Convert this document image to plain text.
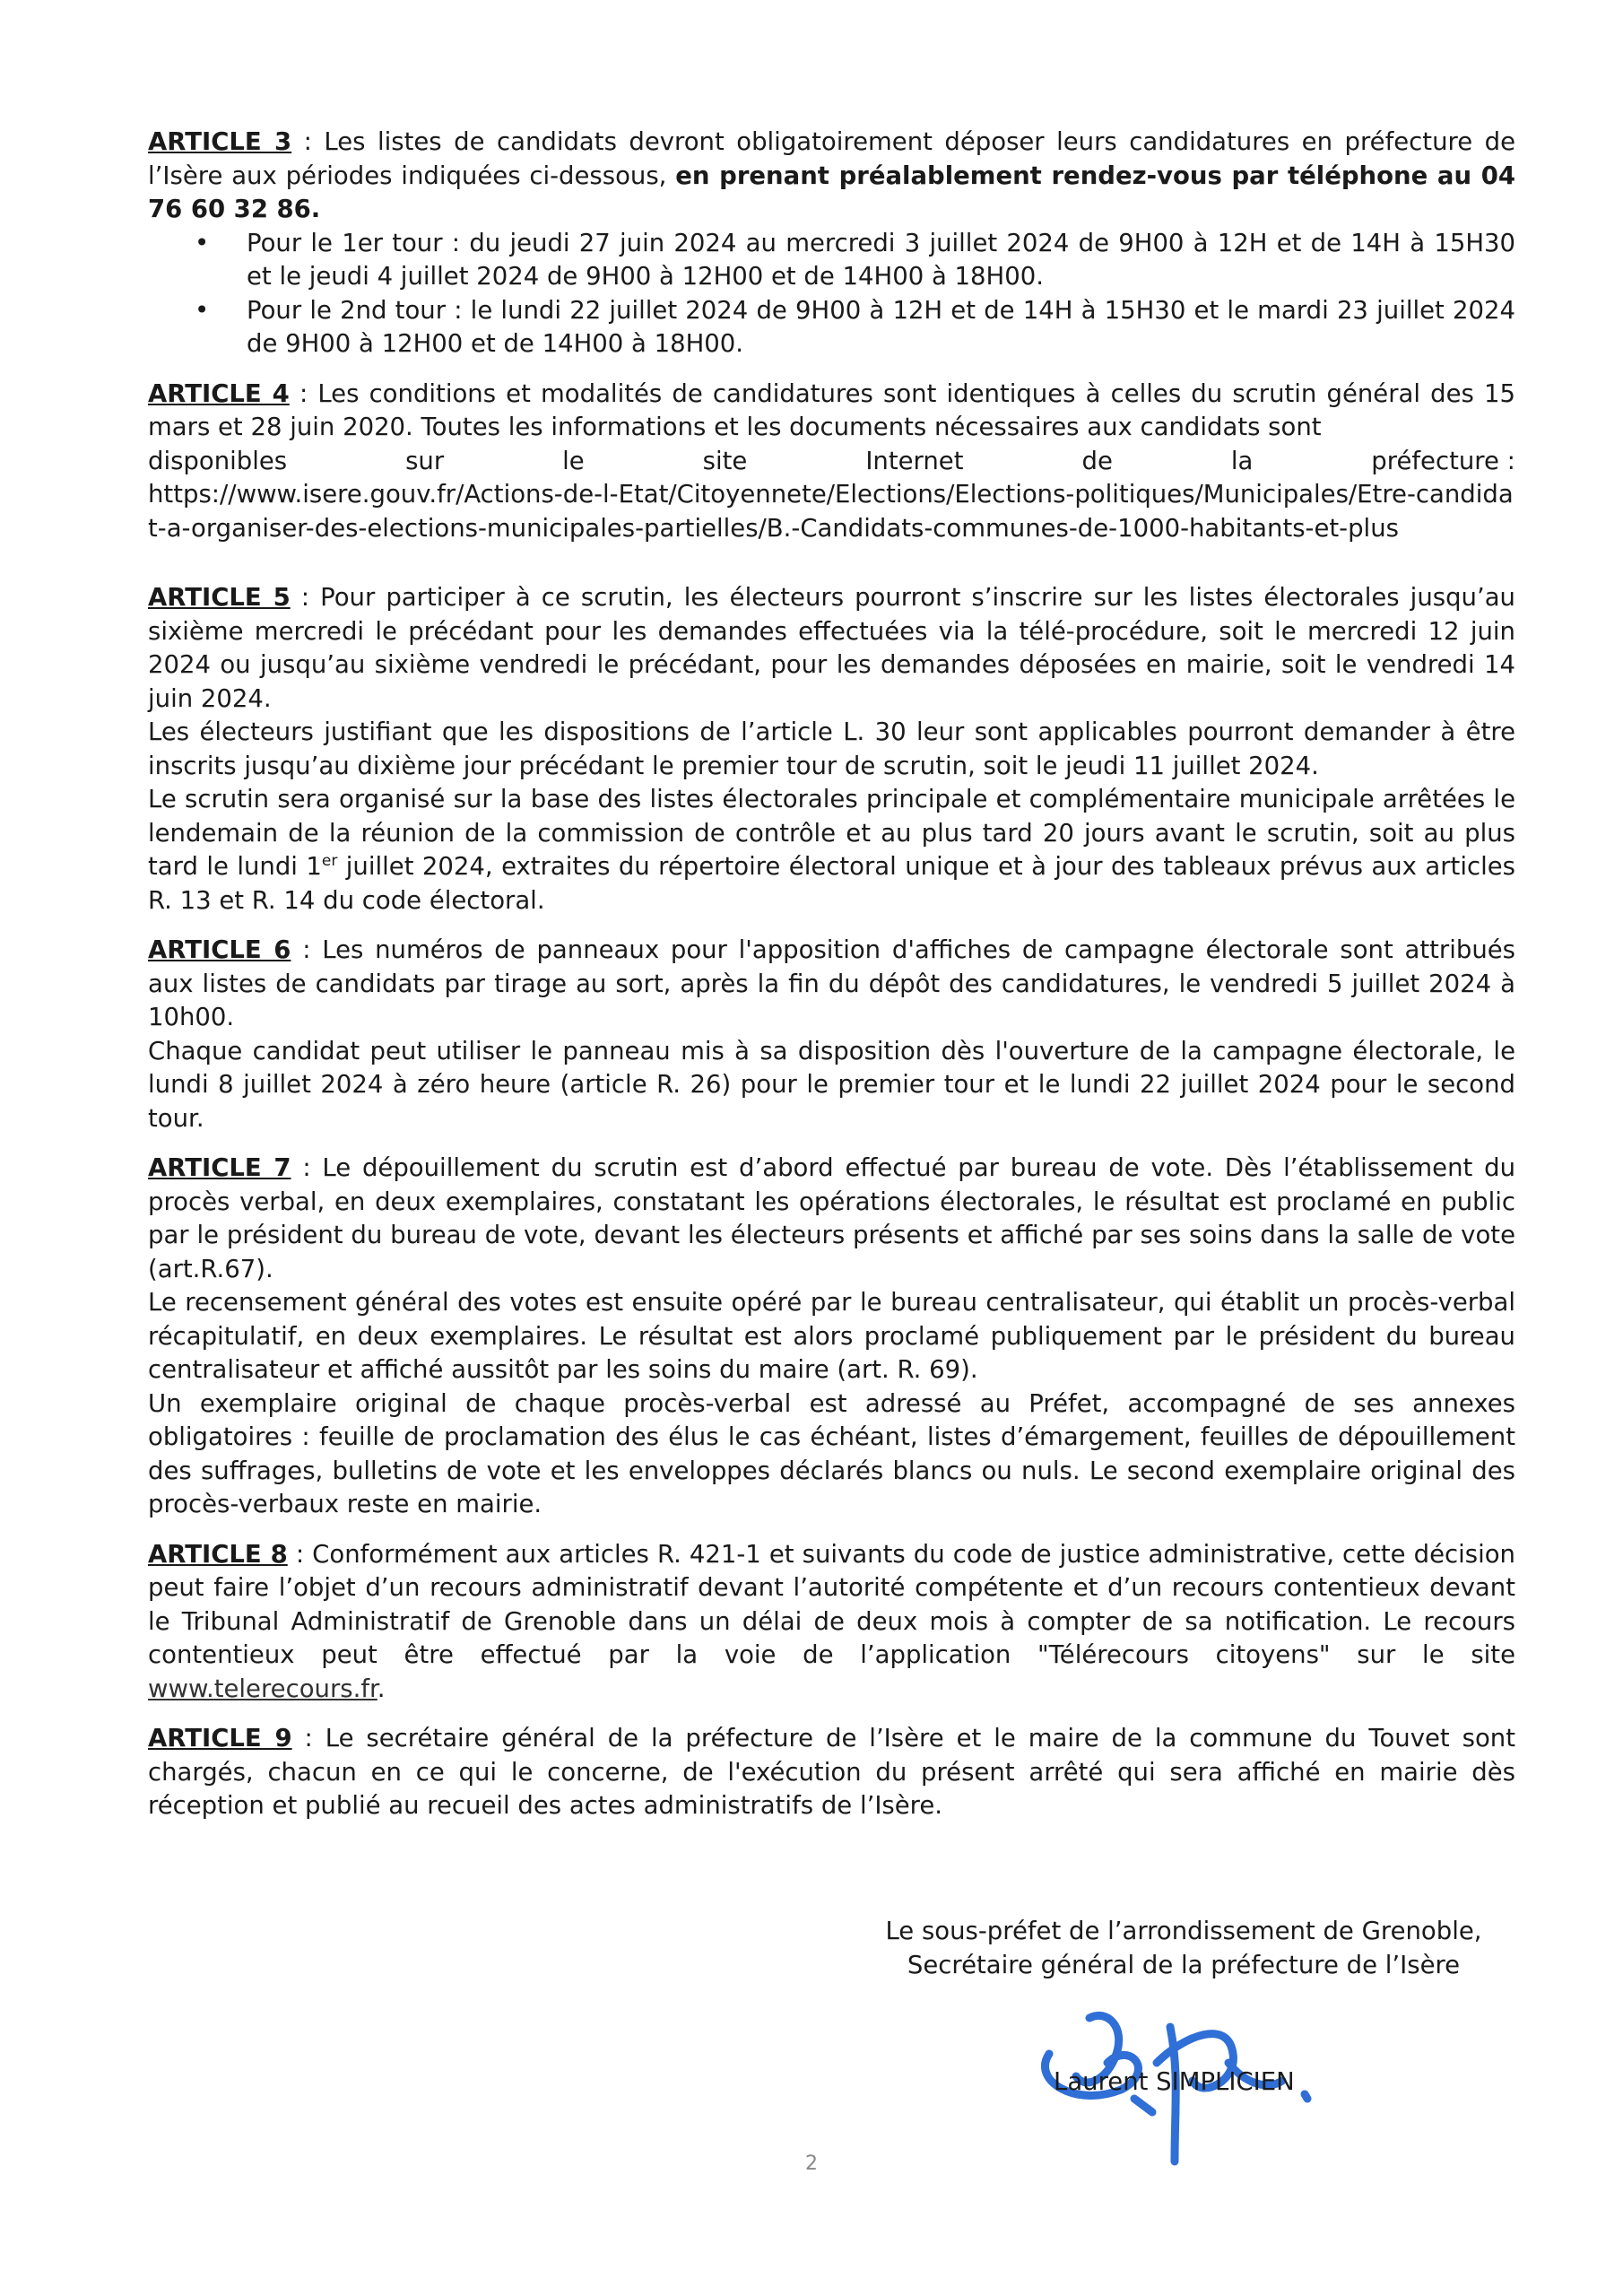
ARTICLE 3 : Les listes de candidats devront obligatoirement déposer leurs candidatures en préfecture de l’Isère aux périodes indiquées ci-dessous, en prenant préalablement rendez-vous par téléphone au 04 76 60 32 86.

• Pour le 1er tour : du jeudi 27 juin 2024 au mercredi 3 juillet 2024 de 9H00 à 12H et de 14H à 15H30 et le jeudi 4 juillet 2024 de 9H00 à 12H00 et de 14H00 à 18H00.
• Pour le 2nd tour : le lundi 22 juillet 2024 de 9H00 à 12H et de 14H à 15H30 et le mardi 23 juillet 2024 de 9H00 à 12H00 et de 14H00 à 18H00.

ARTICLE 4 : Les conditions et modalités de candidatures sont identiques à celles du scrutin général des 15 mars et 28 juin 2020. Toutes les informations et les documents nécessaires aux candidats sont

disponibles	sur	le	site	Internet	de	la	préfecture :

https://www.isere.gouv.fr/Actions-de-l-Etat/Citoyennete/Elections/Elections-politiques/Municipales/Etre-candidat-a-organiser-des-elections-municipales-partielles/B.-Candidats-communes-de-1000-habitants-et-plus

ARTICLE 5 : Pour participer à ce scrutin, les électeurs pourront s’inscrire sur les listes électorales jusqu’au sixième mercredi le précédant pour les demandes effectuées via la télé-procédure, soit le mercredi 12 juin 2024 ou jusqu’au sixième vendredi le précédant, pour les demandes déposées en mairie, soit le vendredi 14 juin 2024.

Les électeurs justifiant que les dispositions de l’article L. 30 leur sont applicables pourront demander à être inscrits jusqu’au dixième jour précédant le premier tour de scrutin, soit le jeudi 11 juillet 2024.

Le scrutin sera organisé sur la base des listes électorales principale et complémentaire municipale arrêtées le lendemain de la réunion de la commission de contrôle et au plus tard 20 jours avant le scrutin, soit au plus tard le lundi 1er juillet 2024, extraites du répertoire électoral unique et à jour des tableaux prévus aux articles R. 13 et R. 14 du code électoral.

ARTICLE 6 : Les numéros de panneaux pour l'apposition d'affiches de campagne électorale sont attribués aux listes de candidats par tirage au sort, après la fin du dépôt des candidatures, le vendredi 5 juillet 2024 à 10h00.

Chaque candidat peut utiliser le panneau mis à sa disposition dès l'ouverture de la campagne électorale, le lundi 8 juillet 2024 à zéro heure (article R. 26) pour le premier tour et le lundi 22 juillet 2024 pour le second tour.

ARTICLE 7 : Le dépouillement du scrutin est d’abord effectué par bureau de vote. Dès l’établissement du procès verbal, en deux exemplaires, constatant les opérations électorales, le résultat est proclamé en public par le président du bureau de vote, devant les électeurs présents et affiché par ses soins dans la salle de vote (art.R.67).

Le recensement général des votes est ensuite opéré par le bureau centralisateur, qui établit un procès-verbal récapitulatif, en deux exemplaires. Le résultat est alors proclamé publiquement par le président du bureau centralisateur et affiché aussitôt par les soins du maire (art. R. 69).

Un exemplaire original de chaque procès-verbal est adressé au Préfet, accompagné de ses annexes obligatoires : feuille de proclamation des élus le cas échéant, listes d’émargement, feuilles de dépouillement des suffrages, bulletins de vote et les enveloppes déclarés blancs ou nuls. Le second exemplaire original des procès-verbaux reste en mairie.

ARTICLE 8 : Conformément aux articles R. 421-1 et suivants du code de justice administrative, cette décision peut faire l’objet d’un recours administratif devant l’autorité compétente et d’un recours contentieux devant le Tribunal Administratif de Grenoble dans un délai de deux mois à compter de sa notification. Le recours contentieux peut être effectué par la voie de l’application "Télérecours citoyens" sur le site www.telerecours.fr.

ARTICLE 9 : Le secrétaire général de la préfecture de l’Isère et le maire de la commune du Touvet sont chargés, chacun en ce qui le concerne, de l'exécution du présent arrêté qui sera affiché en mairie dès réception et publié au recueil des actes administratifs de l’Isère.

Le sous-préfet de l’arrondissement de Grenoble,
Secrétaire général de la préfecture de l’Isère
Laurent SIMPLICIEN
2
